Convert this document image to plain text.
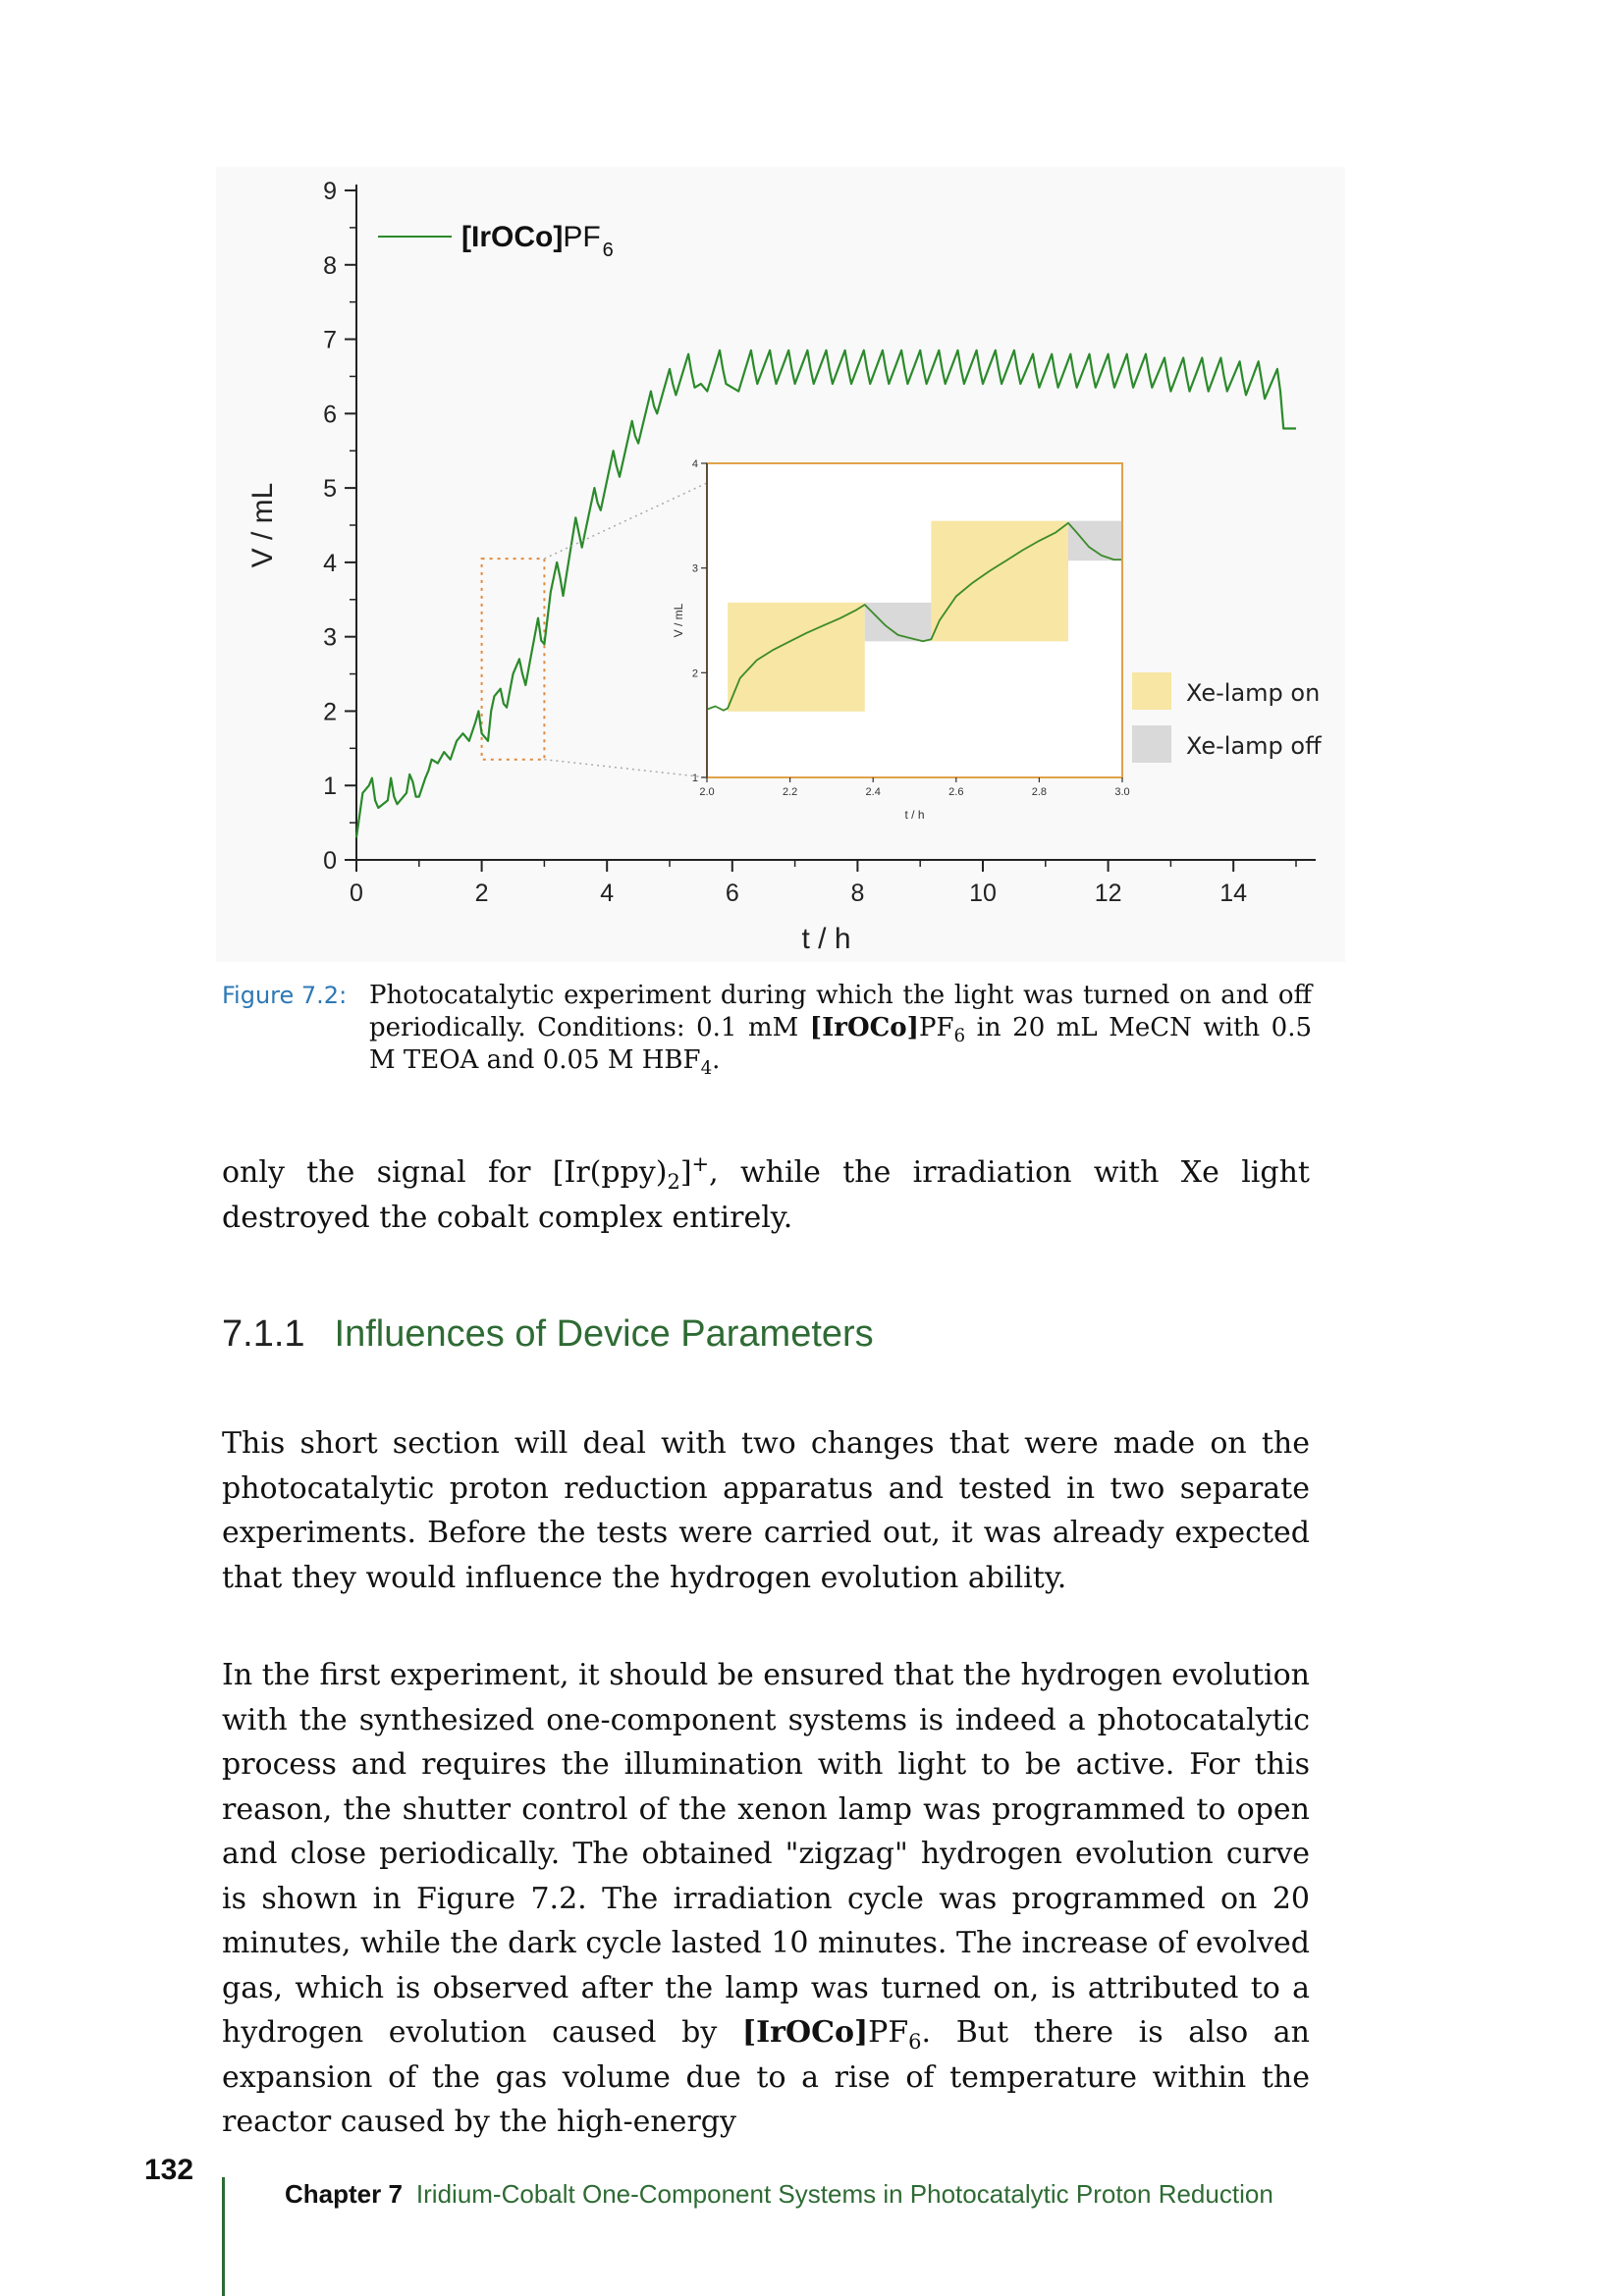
0
1
2
3
4
5
6
7
8
9
0	2	4	6	8	10	12	14
t / h
V / mL
[IrOCo]PF $_6$
1
2
3
4
2.0	2.2	2.4	2.6	2.8	3.0
t / h
V / mL
Xe-lamp on
Xe-lamp off
Figure 7.2: Photocatalytic experiment during which the light was turned on and off periodically. Conditions: 0.1 mM $[IrOCo]PF_6$ in 20 mL MeCN with 0.5 M TEOA and 0.05 M $HBF_4$.
only the signal for $[Ir(ppy)_2]^+$, while the irradiation with Xe light destroyed the cobalt complex entirely.
7.1.1 Influences of Device Parameters
This short section will deal with two changes that were made on the photocatalytic proton reduction apparatus and tested in two separate experiments. Before the tests were carried out, it was already expected that they would influence the hydrogen evolution ability.
In the first experiment, it should be ensured that the hydrogen evolution with the synthesized one-component systems is indeed a photocatalytic process and requires the illumination with light to be active. For this reason, the shutter control of the xenon lamp was programmed to open and close periodically. The obtained "zigzag" hydrogen evolution curve is shown in Figure 7.2. The irradiation cycle was programmed on 20 minutes, while the dark cycle lasted 10 minutes. The increase of evolved gas, which is observed after the lamp was turned on, is attributed to a hydrogen evolution caused by $[IrOCo]PF_6$. But there is also an expansion of the gas volume due to a rise of temperature within the reactor caused by the high-energy
132
Chapter 7 Iridium-Cobalt One-Component Systems in Photocatalytic Proton Reduction
